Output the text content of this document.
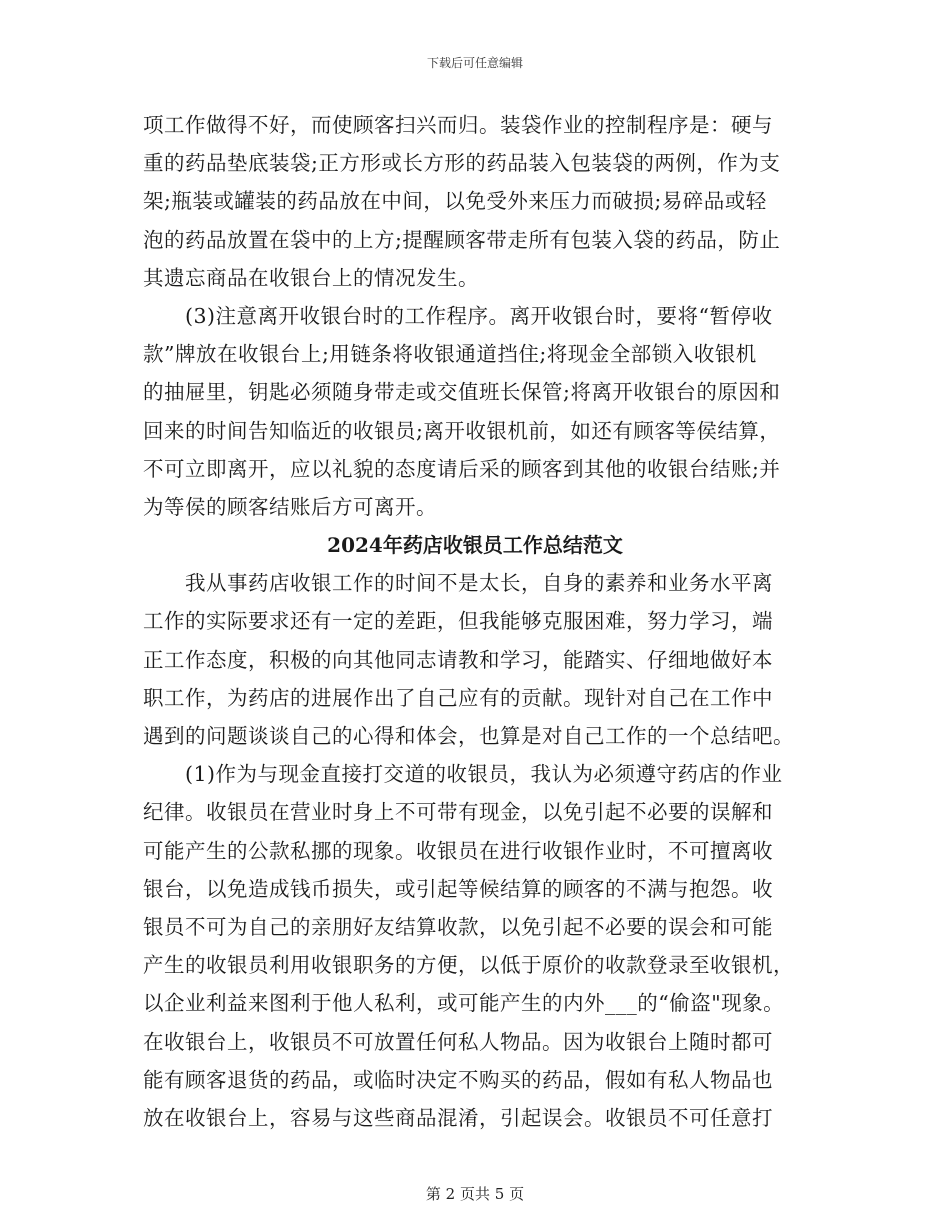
下载后可任意编辑
项工作做得不好，而使顾客扫兴而归。装袋作业的控制程序是：硬与
重的药品垫底装袋;正方形或长方形的药品装入包装袋的两例，作为支
架;瓶装或罐装的药品放在中间，以免受外来压力而破损;易碎品或轻
泡的药品放置在袋中的上方;提醒顾客带走所有包装入袋的药品，防止
其遗忘商品在收银台上的情况发生。
(3)注意离开收银台时的工作程序。离开收银台时，要将“暂停收
款”牌放在收银台上;用链条将收银通道挡住;将现金全部锁入收银机
的抽屉里，钥匙必须随身带走或交值班长保管;将离开收银台的原因和
回来的时间告知临近的收银员;离开收银机前，如还有顾客等侯结算，
不可立即离开，应以礼貌的态度请后采的顾客到其他的收银台结账;并
为等侯的顾客结账后方可离开。
2024年药店收银员工作总结范文
我从事药店收银工作的时间不是太长，自身的素养和业务水平离
工作的实际要求还有一定的差距，但我能够克服困难，努力学习，端
正工作态度，积极的向其他同志请教和学习，能踏实、仔细地做好本
职工作，为药店的进展作出了自己应有的贡献。现针对自己在工作中
遇到的问题谈谈自己的心得和体会，也算是对自己工作的一个总结吧。
(1)作为与现金直接打交道的收银员，我认为必须遵守药店的作业
纪律。收银员在营业时身上不可带有现金，以免引起不必要的误解和
可能产生的公款私挪的现象。收银员在进行收银作业时，不可擅离收
银台，以免造成钱币损失，或引起等候结算的顾客的不满与抱怨。收
银员不可为自己的亲朋好友结算收款，以免引起不必要的误会和可能
产生的收银员利用收银职务的方便，以低于原价的收款登录至收银机，
以企业利益来图利于他人私利，或可能产生的内外___的“偷盗"现象。
在收银台上，收银员不可放置任何私人物品。因为收银台上随时都可
能有顾客退货的药品，或临时决定不购买的药品，假如有私人物品也
放在收银台上，容易与这些商品混淆，引起误会。收银员不可任意打
第 2 页共 5 页
